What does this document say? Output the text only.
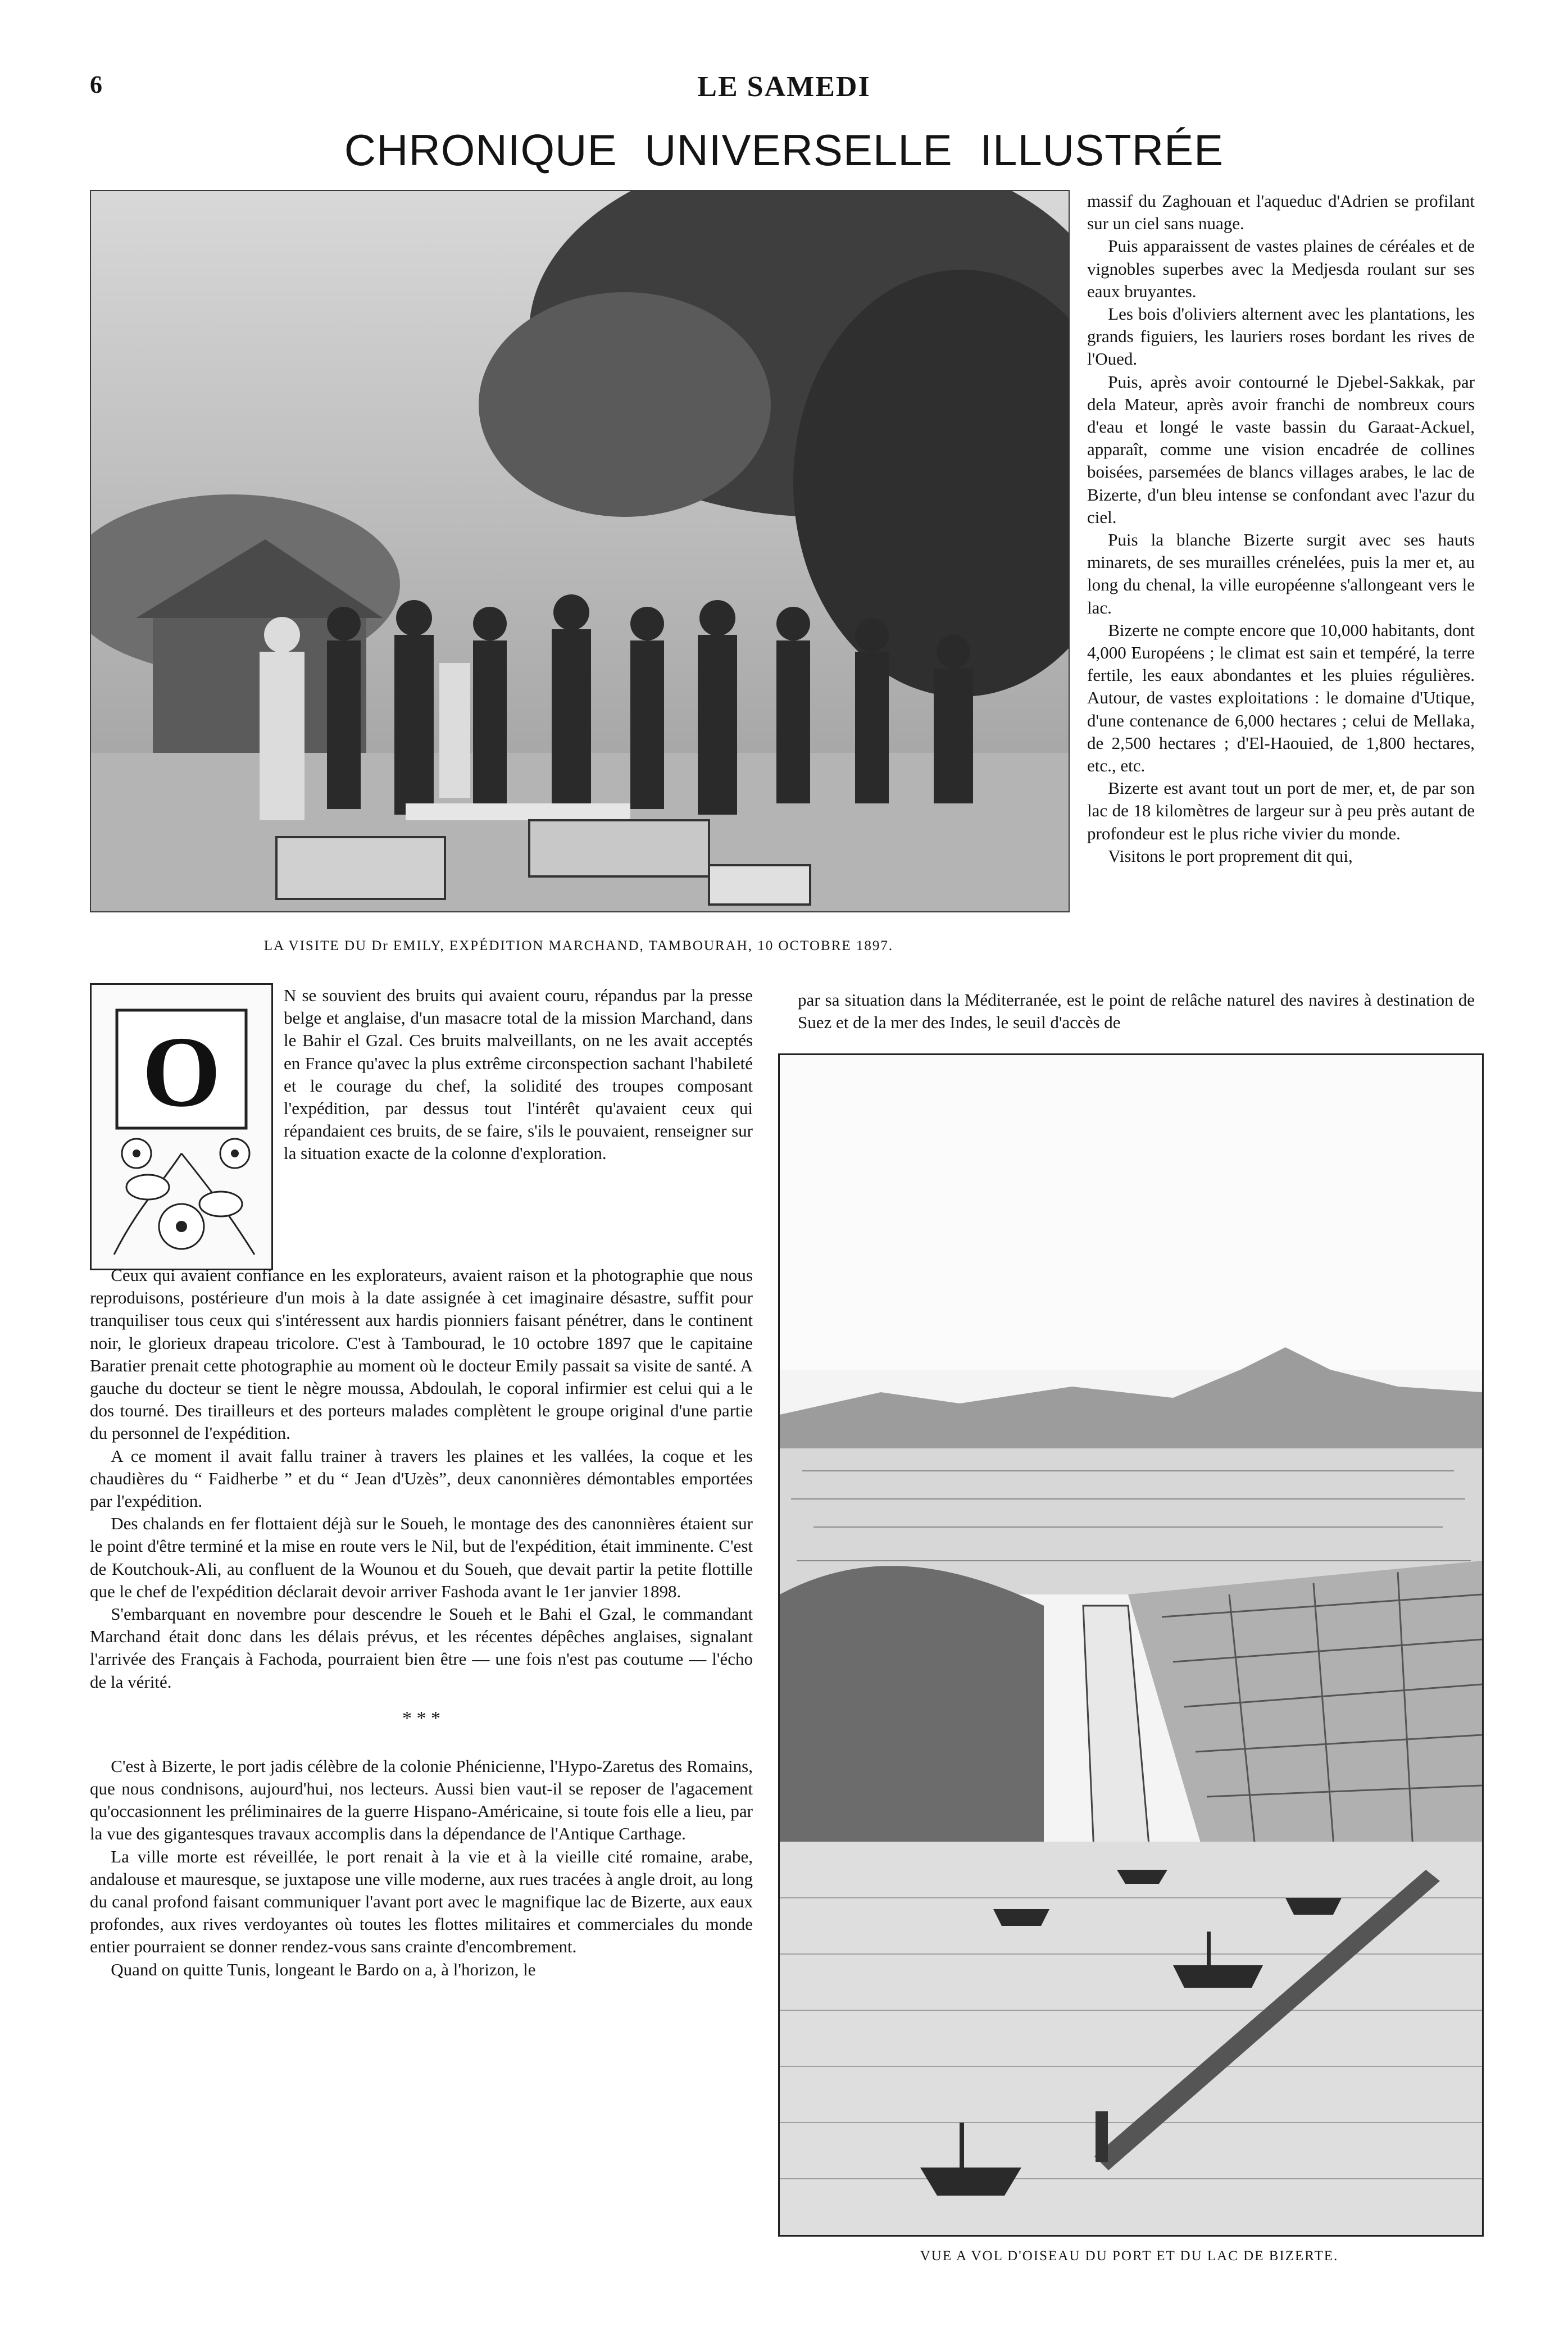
6	LE SAMEDI
CHRONIQUE UNIVERSELLE ILLUSTRÉE
LA VISITE DU Dr EMILY, EXPÉDITION MARCHAND, TAMBOURAH, 10 OCTOBRE 1897.

massif du Zaghouan et l'aqueduc d'Adrien se profilant sur un ciel sans nuage.

Puis apparaissent de vastes plaines de céréales et de vignobles superbes avec la Medjesda roulant sur ses eaux bruyantes.

Les bois d'oliviers alternent avec les plantations, les grands figuiers, les lauriers roses bordant les rives de l'Oued.

Puis, après avoir contourné le Djebel-Sakkak, par dela Mateur, après avoir franchi de nombreux cours d'eau et longé le vaste bassin du Garaat-Ackuel, apparaît, comme une vision encadrée de collines boisées, parsemées de blancs villages arabes, le lac de Bizerte, d'un bleu intense se confondant avec l'azur du ciel.

Puis la blanche Bizerte surgit avec ses hauts minarets, de ses murailles crénelées, puis la mer et, au long du chenal, la ville européenne s'allongeant vers le lac.

Bizerte ne compte encore que 10,000 habitants, dont 4,000 Européens ; le climat est sain et tempéré, la terre fertile, les eaux abondantes et les pluies régulières. Autour, de vastes exploitations : le domaine d'Utique, d'une contenance de 6,000 hectares ; celui de Mellaka, de 2,500 hectares ; d'El-Haouied, de 1,800 hectares, etc., etc.

Bizerte est avant tout un port de mer, et, de par son lac de 18 kilomètres de largeur sur à peu près autant de profondeur est le plus riche vivier du monde.

Visitons le port proprement dit qui,

par sa situation dans la Méditerranée, est le point de relâche naturel des navires à destination de Suez et de la mer des Indes, le seuil d'accès de
O

N se souvient des bruits qui avaient couru, répandus par la presse belge et anglaise, d'un masacre total de la mission Marchand, dans le Bahir el Gzal. Ces bruits malveillants, on ne les avait acceptés en France qu'avec la plus extrême circonspection sachant l'habileté et le courage du chef, la solidité des troupes composant l'expédition, par dessus tout l'intérêt qu'avaient ceux qui répandaient ces bruits, de se faire, s'ils le pouvaient, renseigner sur la situation exacte de la colonne d'exploration.

Ceux qui avaient confiance en les explorateurs, avaient raison et la photographie que nous reproduisons, postérieure d'un mois à la date assignée à cet imaginaire désastre, suffit pour tranquiliser tous ceux qui s'intéressent aux hardis pionniers faisant pénétrer, dans le continent noir, le glorieux drapeau tricolore. C'est à Tambourad, le 10 octobre 1897 que le capitaine Baratier prenait cette photographie au moment où le docteur Emily passait sa visite de santé. A gauche du docteur se tient le nègre moussa, Abdoulah, le coporal infirmier est celui qui a le dos tourné. Des tirailleurs et des porteurs malades complètent le groupe original d'une partie du personnel de l'expédition.

A ce moment il avait fallu trainer à travers les plaines et les vallées, la coque et les chaudières du “ Faidherbe ” et du “ Jean d'Uzès”, deux canonnières démontables emportées par l'expédition.

Des chalands en fer flottaient déjà sur le Soueh, le montage des des canonnières étaient sur le point d'être terminé et la mise en route vers le Nil, but de l'expédition, était imminente. C'est de Koutchouk-Ali, au confluent de la Wounou et du Soueh, que devait partir la petite flottille que le chef de l'expédition déclarait devoir arriver Fashoda avant le 1er janvier 1898.

S'embarquant en novembre pour descendre le Soueh et le Bahi el Gzal, le commandant Marchand était donc dans les délais prévus, et les récentes dépêches anglaises, signalant l'arrivée des Français à Fachoda, pourraient bien être — une fois n'est pas coutume — l'écho de la vérité.

* * *

C'est à Bizerte, le port jadis célèbre de la colonie Phénicienne, l'Hypo-Zaretus des Romains, que nous condnisons, aujourd'hui, nos lecteurs. Aussi bien vaut-il se reposer de l'agacement qu'occasionnent les préliminaires de la guerre Hispano-Américaine, si toute fois elle a lieu, par la vue des gigantesques travaux accomplis dans la dépendance de l'Antique Carthage.

La ville morte est réveillée, le port renait à la vie et à la vieille cité romaine, arabe, andalouse et mauresque, se juxtapose une ville moderne, aux rues tracées à angle droit, au long du canal profond faisant communiquer l'avant port avec le magnifique lac de Bizerte, aux eaux profondes, aux rives verdoyantes où toutes les flottes militaires et commerciales du monde entier pourraient se donner rendez-vous sans crainte d'encombrement.

Quand on quitte Tunis, longeant le Bardo on a, à l'horizon, le

VUE A VOL D'OISEAU DU PORT ET DU LAC DE BIZERTE.
